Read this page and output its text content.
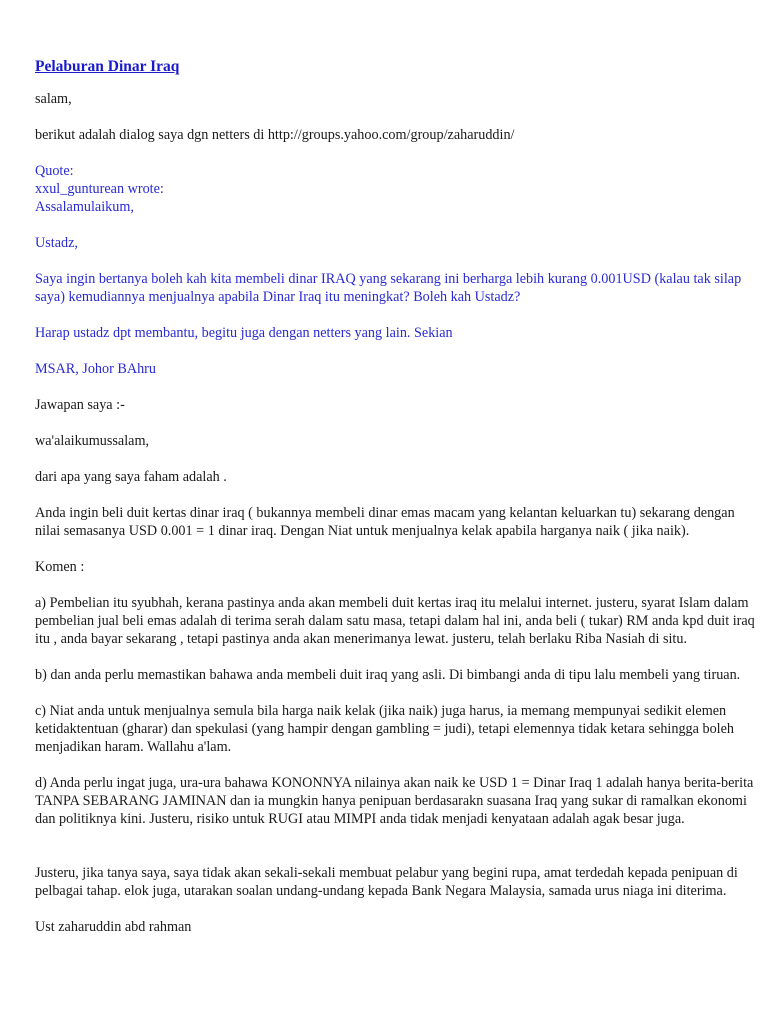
Pelaburan Dinar Iraq

salam,

berikut adalah dialog saya dgn netters di http://groups.yahoo.com/group/zaharuddin/

Quote:
xxul_gunturean wrote:

Assalamulaikum,

Ustadz,

Saya ingin bertanya boleh kah kita membeli dinar IRAQ yang sekarang ini berharga lebih kurang 0.001USD (kalau tak silap saya) kemudiannya menjualnya apabila Dinar Iraq itu meningkat? Boleh kah Ustadz?

Harap ustadz dpt membantu, begitu juga dengan netters yang lain. Sekian

MSAR, Johor BAhru

Jawapan saya :-

wa'alaikumussalam,

dari apa yang saya faham adalah .

Anda ingin beli duit kertas dinar iraq ( bukannya membeli dinar emas macam yang kelantan keluarkan tu) sekarang dengan nilai semasanya USD 0.001 = 1 dinar iraq. Dengan Niat untuk menjualnya kelak apabila harganya naik ( jika naik).

Komen :

a) Pembelian itu syubhah, kerana pastinya anda akan membeli duit kertas iraq itu melalui internet. justeru, syarat Islam dalam pembelian jual beli emas adalah di terima serah dalam satu masa, tetapi dalam hal ini, anda beli ( tukar) RM anda kpd duit iraq itu , anda bayar sekarang , tetapi pastinya anda akan menerimanya lewat. justeru, telah berlaku Riba Nasiah di situ.

b) dan anda perlu memastikan bahawa anda membeli duit iraq yang asli. Di bimbangi anda di tipu lalu membeli yang tiruan.

c) Niat anda untuk menjualnya semula bila harga naik kelak (jika naik) juga harus, ia memang mempunyai sedikit elemen ketidaktentuan (gharar) dan spekulasi (yang hampir dengan gambling = judi), tetapi elemennya tidak ketara sehingga boleh menjadikan haram. Wallahu a'lam.

d) Anda perlu ingat juga, ura-ura bahawa KONONNYA nilainya akan naik ke USD 1 = Dinar Iraq 1 adalah hanya berita-berita TANPA SEBARANG JAMINAN dan ia mungkin hanya penipuan berdasarakn suasana Iraq yang sukar di ramalkan ekonomi dan politiknya kini. Justeru, risiko untuk RUGI atau MIMPI anda tidak menjadi kenyataan adalah agak besar juga.

Justeru, jika tanya saya, saya tidak akan sekali-sekali membuat pelabur yang begini rupa, amat terdedah kepada penipuan di pelbagai tahap. elok juga, utarakan soalan undang-undang kepada Bank Negara Malaysia, samada urus niaga ini diterima.

Ust zaharuddin abd rahman
